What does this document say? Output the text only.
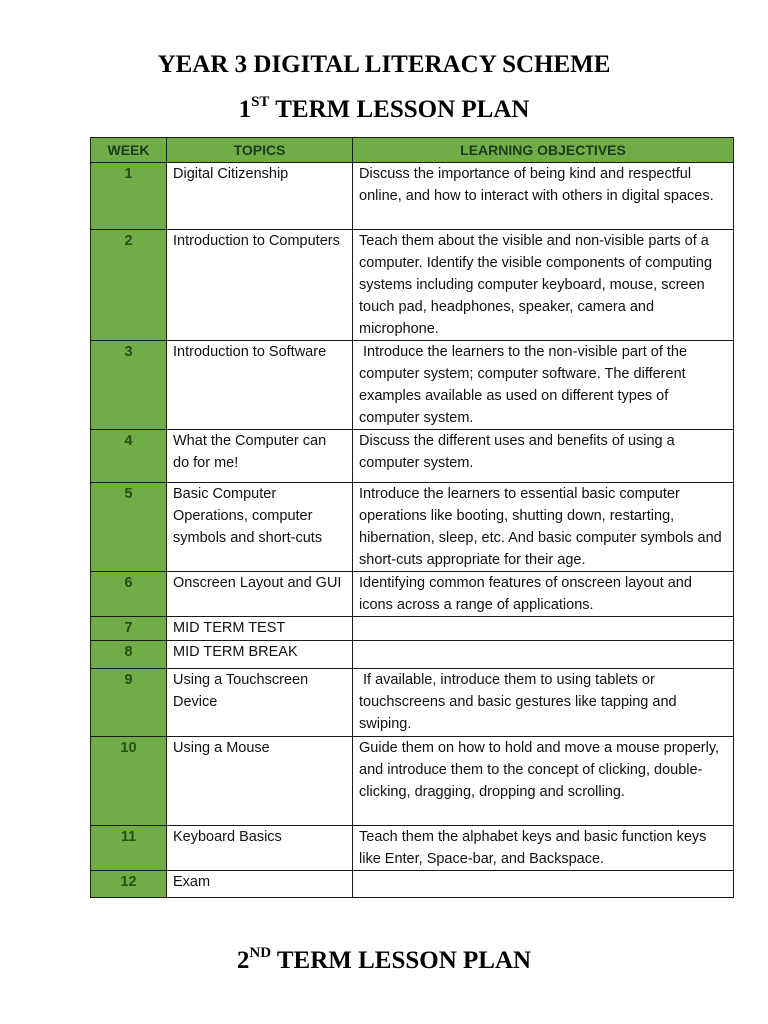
YEAR 3 DIGITAL LITERACY SCHEME
1ST TERM LESSON PLAN
WEEK	TOPICS	LEARNING OBJECTIVES
1	Digital Citizenship	Discuss the importance of being kind and respectful online, and how to interact with others in digital spaces.
2	Introduction to Computers	Teach them about the visible and non-visible parts of a computer. Identify the visible components of computing systems including computer keyboard, mouse, screen touch pad, headphones, speaker, camera and microphone.
3	Introduction to Software	Introduce the learners to the non-visible part of the computer system; computer software. The different examples available as used on different types of computer system.
4	What the Computer can do for me!	Discuss the different uses and benefits of using a computer system.
5	Basic Computer Operations, computer symbols and short-cuts	Introduce the learners to essential basic computer operations like booting, shutting down, restarting, hibernation, sleep, etc. And basic computer symbols and short-cuts appropriate for their age.
6	Onscreen Layout and GUI	Identifying common features of onscreen layout and icons across a range of applications.
7	MID TERM TEST	
8	MID TERM BREAK	
9	Using a Touchscreen Device	If available, introduce them to using tablets or touchscreens and basic gestures like tapping and swiping.
10	Using a Mouse	Guide them on how to hold and move a mouse properly, and introduce them to the concept of clicking, double-clicking, dragging, dropping and scrolling.
11	Keyboard Basics	Teach them the alphabet keys and basic function keys like Enter, Space-bar, and Backspace.
12	Exam	
2ND TERM LESSON PLAN
